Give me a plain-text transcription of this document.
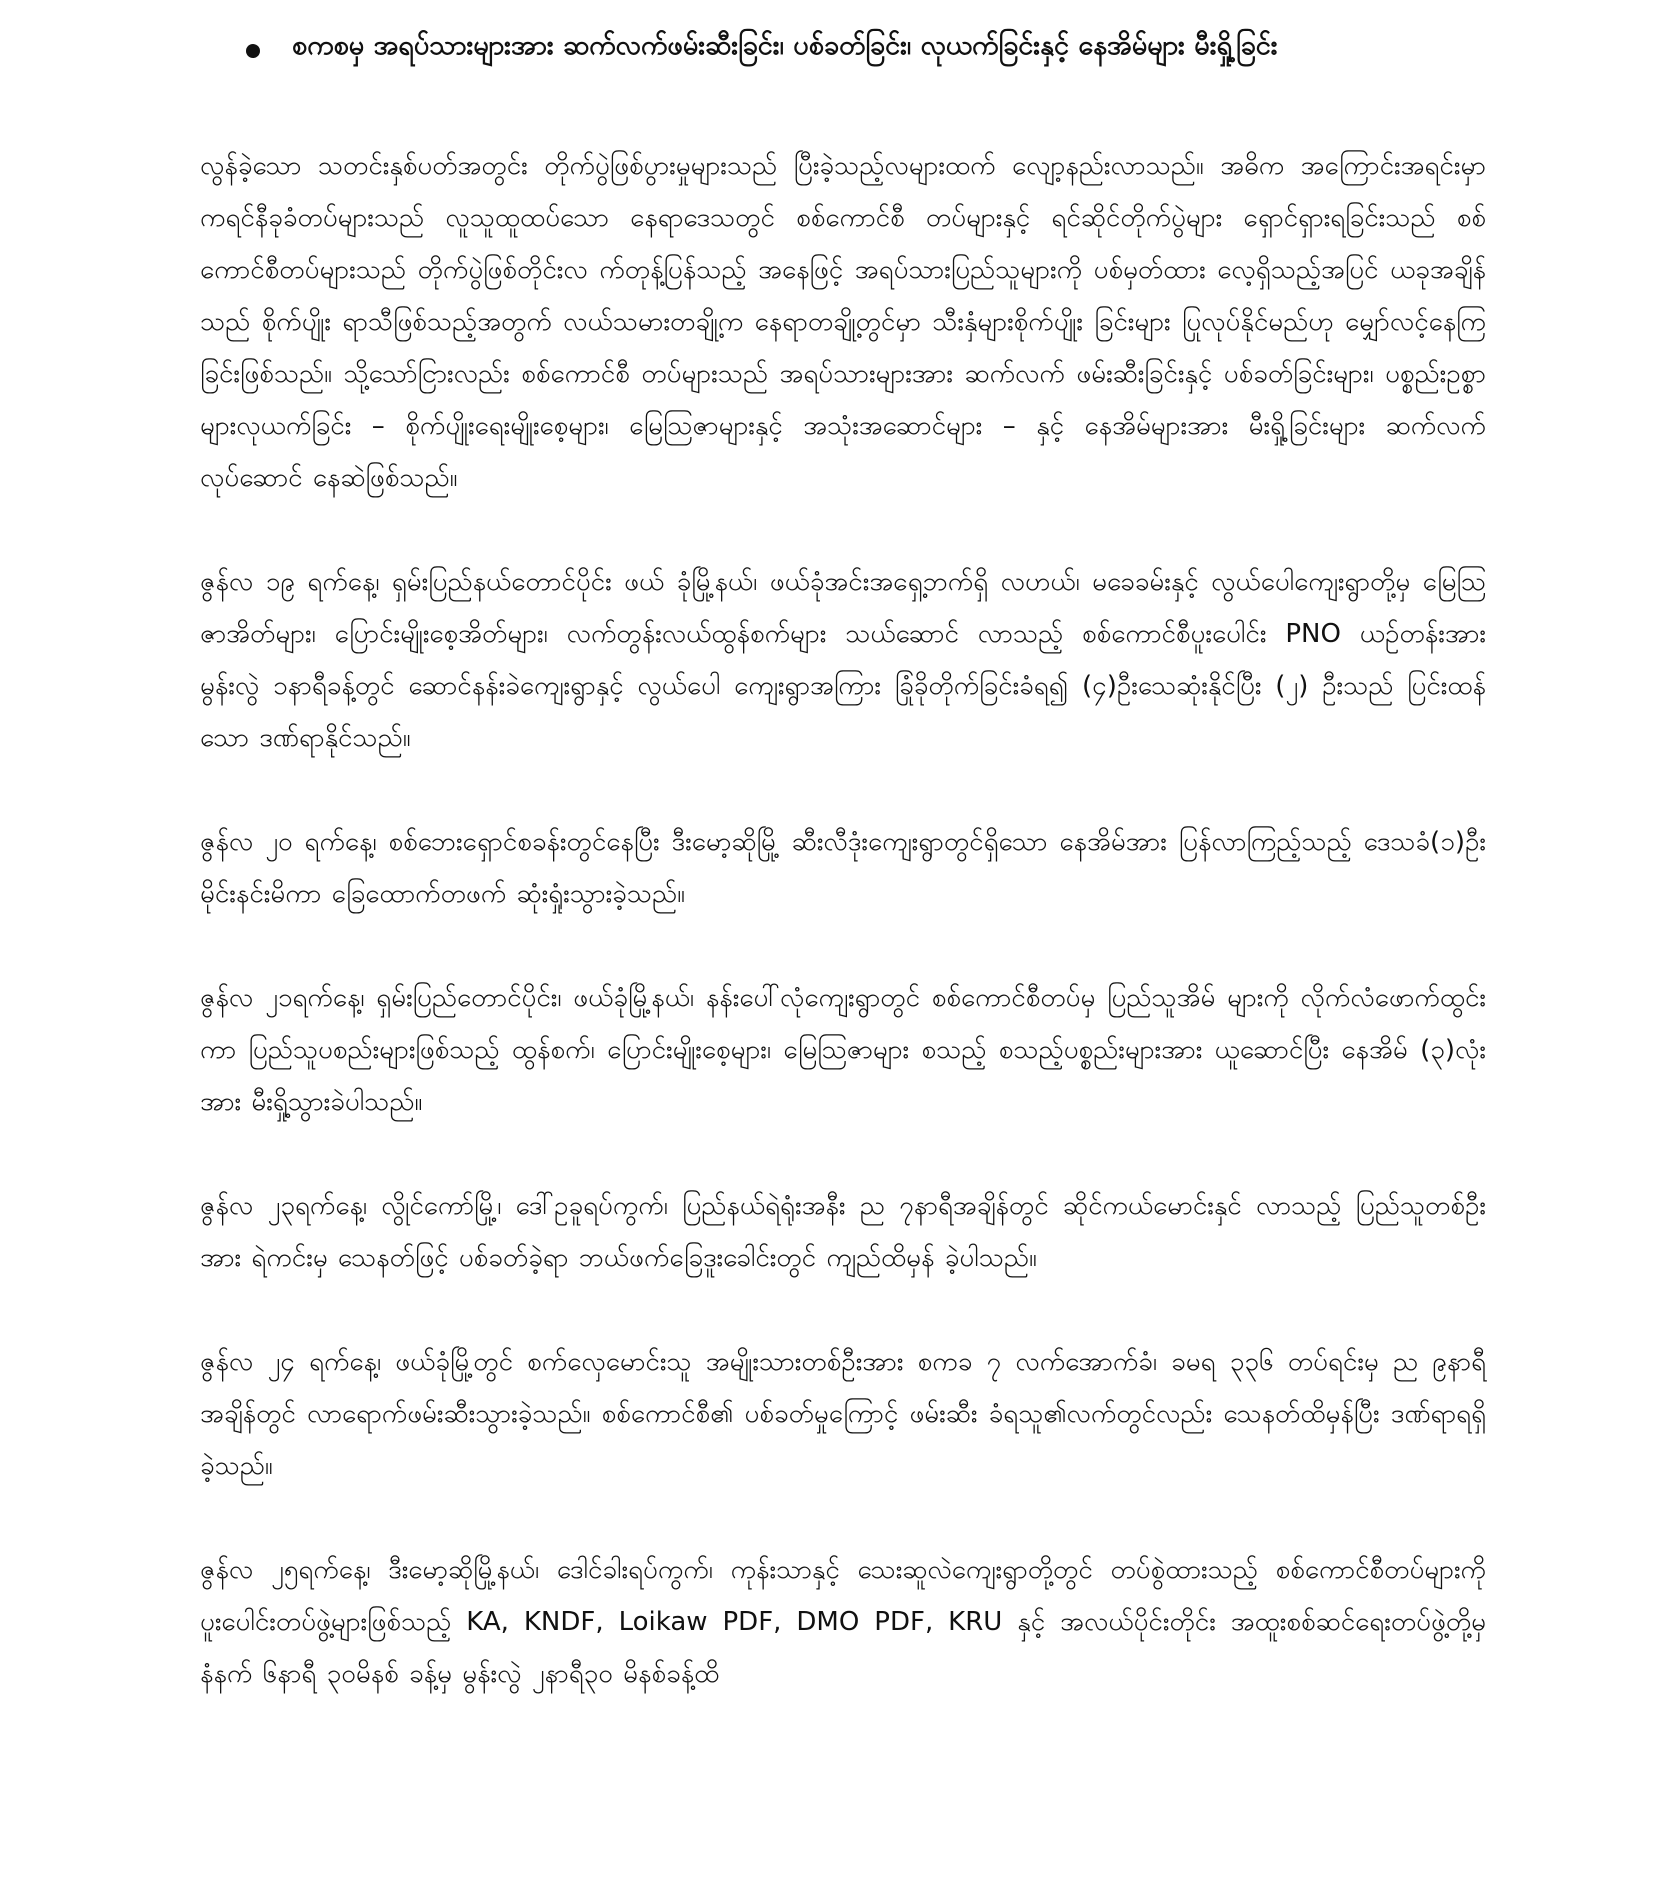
စကစမှ အရပ်သားများအား ဆက်လက်ဖမ်းဆီးခြင်း၊ ပစ်ခတ်ခြင်း၊ လုယက်ခြင်းနှင့် နေအိမ်များ မီးရှို့ခြင်း

လွန်ခဲ့သော သတင်းနှစ်ပတ်အတွင်း တိုက်ပွဲဖြစ်ပွားမှုများသည် ပြီးခဲ့သည့်လများထက် လျော့နည်းလာသည်။ အဓိက အကြောင်းအရင်းမှာ ကရင်နီခုခံတပ်များသည် လူသူထူထပ်သော နေရာဒေသတွင် စစ်ကောင်စီ တပ်များနှင့် ရင်ဆိုင်တိုက်ပွဲများ ရှောင်ရှားရခြင်းသည် စစ်ကောင်စီတပ်များသည် တိုက်ပွဲဖြစ်တိုင်းလ က်တုန့်ပြန်သည့် အနေဖြင့် အရပ်သားပြည်သူများကို ပစ်မှတ်ထား လေ့ရှိသည့်အပြင် ယခုအချိန်သည် စိုက်ပျိုး ရာသီဖြစ်သည့်အတွက် လယ်သမားတချို့က နေရာတချို့တွင်မှာ သီးနှံများစိုက်ပျိုး ခြင်းများ ပြုလုပ်နိုင်မည်ဟု မျှော်လင့်နေကြခြင်းဖြစ်သည်။ သို့သော်ငြားလည်း စစ်ကောင်စီ တပ်များသည် အရပ်သားများအား ဆက်လက် ဖမ်းဆီးခြင်းနှင့် ပစ်ခတ်ခြင်းများ၊ ပစ္စည်းဥစ္စာများလုယက်ခြင်း – စိုက်ပျိုးရေးမျိုးစေ့များ၊ မြေသြဇာများနှင့် အသုံးအဆောင်များ – နှင့် နေအိမ်များအား မီးရှို့ခြင်းများ ဆက်လက် လုပ်ဆောင် နေဆဲဖြစ်သည်။

ဇွန်လ ၁၉ ရက်နေ့၊ ရှမ်းပြည်နယ်တောင်ပိုင်း ဖယ် ခုံမြို့နယ်၊ ဖယ်ခုံအင်းအရှေ့ဘက်ရှိ လဟယ်၊ မခေခမ်းနှင့် လွယ်ပေါကျေးရွာတို့မှ မြေသြဇာအိတ်များ၊ ပြောင်းမျိုးစေ့အိတ်များ၊ လက်တွန်းလယ်ထွန်စက်များ သယ်ဆောင် လာသည့် စစ်ကောင်စီပူးပေါင်း PNO ယဉ်တန်းအား မွန်းလွဲ ၁နာရီခန့်တွင် ဆောင်နန်းခဲကျေးရွာနှင့် လွယ်ပေါ ကျေးရွာအကြား ခြုံခိုတိုက်ခြင်းခံရ၍ (၄)ဦးသေဆုံးနိုင်ပြီး (၂) ဦးသည် ပြင်းထန်သော ဒဏ်ရာနိုင်သည်။

ဇွန်လ ၂၀ ရက်နေ့၊ စစ်ဘေးရှောင်စခန်းတွင်နေပြီး ဒီးမော့ဆိုမြို့ ဆီးလီဒုံးကျေးရွာတွင်ရှိသော နေအိမ်အား ပြန်လာကြည့်သည့် ဒေသခံ(၁)ဦး မိုင်းနင်းမိကာ ခြေထောက်တဖက် ဆုံးရှုံးသွားခဲ့သည်။

ဇွန်လ ၂၁ရက်နေ့၊ ရှမ်းပြည်တောင်ပိုင်း၊ ဖယ်ခုံမြို့နယ်၊ နန်းပေါ်လုံကျေးရွာတွင် စစ်ကောင်စီတပ်မှ ပြည်သူအိမ် များကို လိုက်လံဖောက်ထွင်းကာ ပြည်သူပစည်းများဖြစ်သည့် ထွန်စက်၊ ပြောင်းမျိုးစေ့များ၊ မြေသြဇာများ စသည့် စသည့်ပစ္စည်းများအား ယူဆောင်ပြီး နေအိမ် (၃)လုံးအား မီးရှို့သွားခဲပါသည်။

ဇွန်လ ၂၃ရက်နေ့၊ လွိုင်ကော်မြို့၊ ဒေါ်ဥခူရပ်ကွက်၊ ပြည်နယ်ရဲရုံးအနီး ည ၇နာရီအချိန်တွင် ဆိုင်ကယ်မောင်းနှင် လာသည့် ပြည်သူတစ်ဦးအား ရဲကင်းမှ သေနတ်ဖြင့် ပစ်ခတ်ခဲ့ရာ ဘယ်ဖက်ခြေဒူးခေါင်းတွင် ကျည်ထိမှန် ခဲ့ပါသည်။

ဇွန်လ ၂၄ ရက်နေ့၊ ဖယ်ခုံမြို့တွင် စက်လှေမောင်းသူ အမျိုးသားတစ်ဦးအား စကခ ၇ လက်အောက်ခံ၊ ခမရ ၃၃၆ တပ်ရင်းမှ ည ၉နာရီအချိန်တွင် လာရောက်ဖမ်းဆီးသွားခဲ့သည်။ စစ်ကောင်စီ၏ ပစ်ခတ်မှုကြောင့် ဖမ်းဆီး ခံရသူ၏လက်တွင်လည်း သေနတ်ထိမှန်ပြီး ဒဏ်ရာရရှိခဲ့သည်။

ဇွန်လ ၂၅ရက်နေ့၊ ဒီးမော့ဆိုမြို့နယ်၊ ဒေါင်ခါးရပ်ကွက်၊ ကုန်းသာနှင့် သေးဆူလဲကျေးရွာတို့တွင် တပ်စွဲထားသည့် စစ်ကောင်စီတပ်များကို ပူးပေါင်းတပ်ဖွဲ့များဖြစ်သည့် KA, KNDF, Loikaw PDF, DMO PDF, KRU နှင့် အလယ်ပိုင်းတိုင်း အထူးစစ်ဆင်ရေးတပ်ဖွဲ့တို့မှ နံနက် ၆နာရီ ၃၀မိနစ် ခန့်မှ မွန်းလွဲ ၂နာရီ၃၀ မိနစ်ခန့်ထိ
